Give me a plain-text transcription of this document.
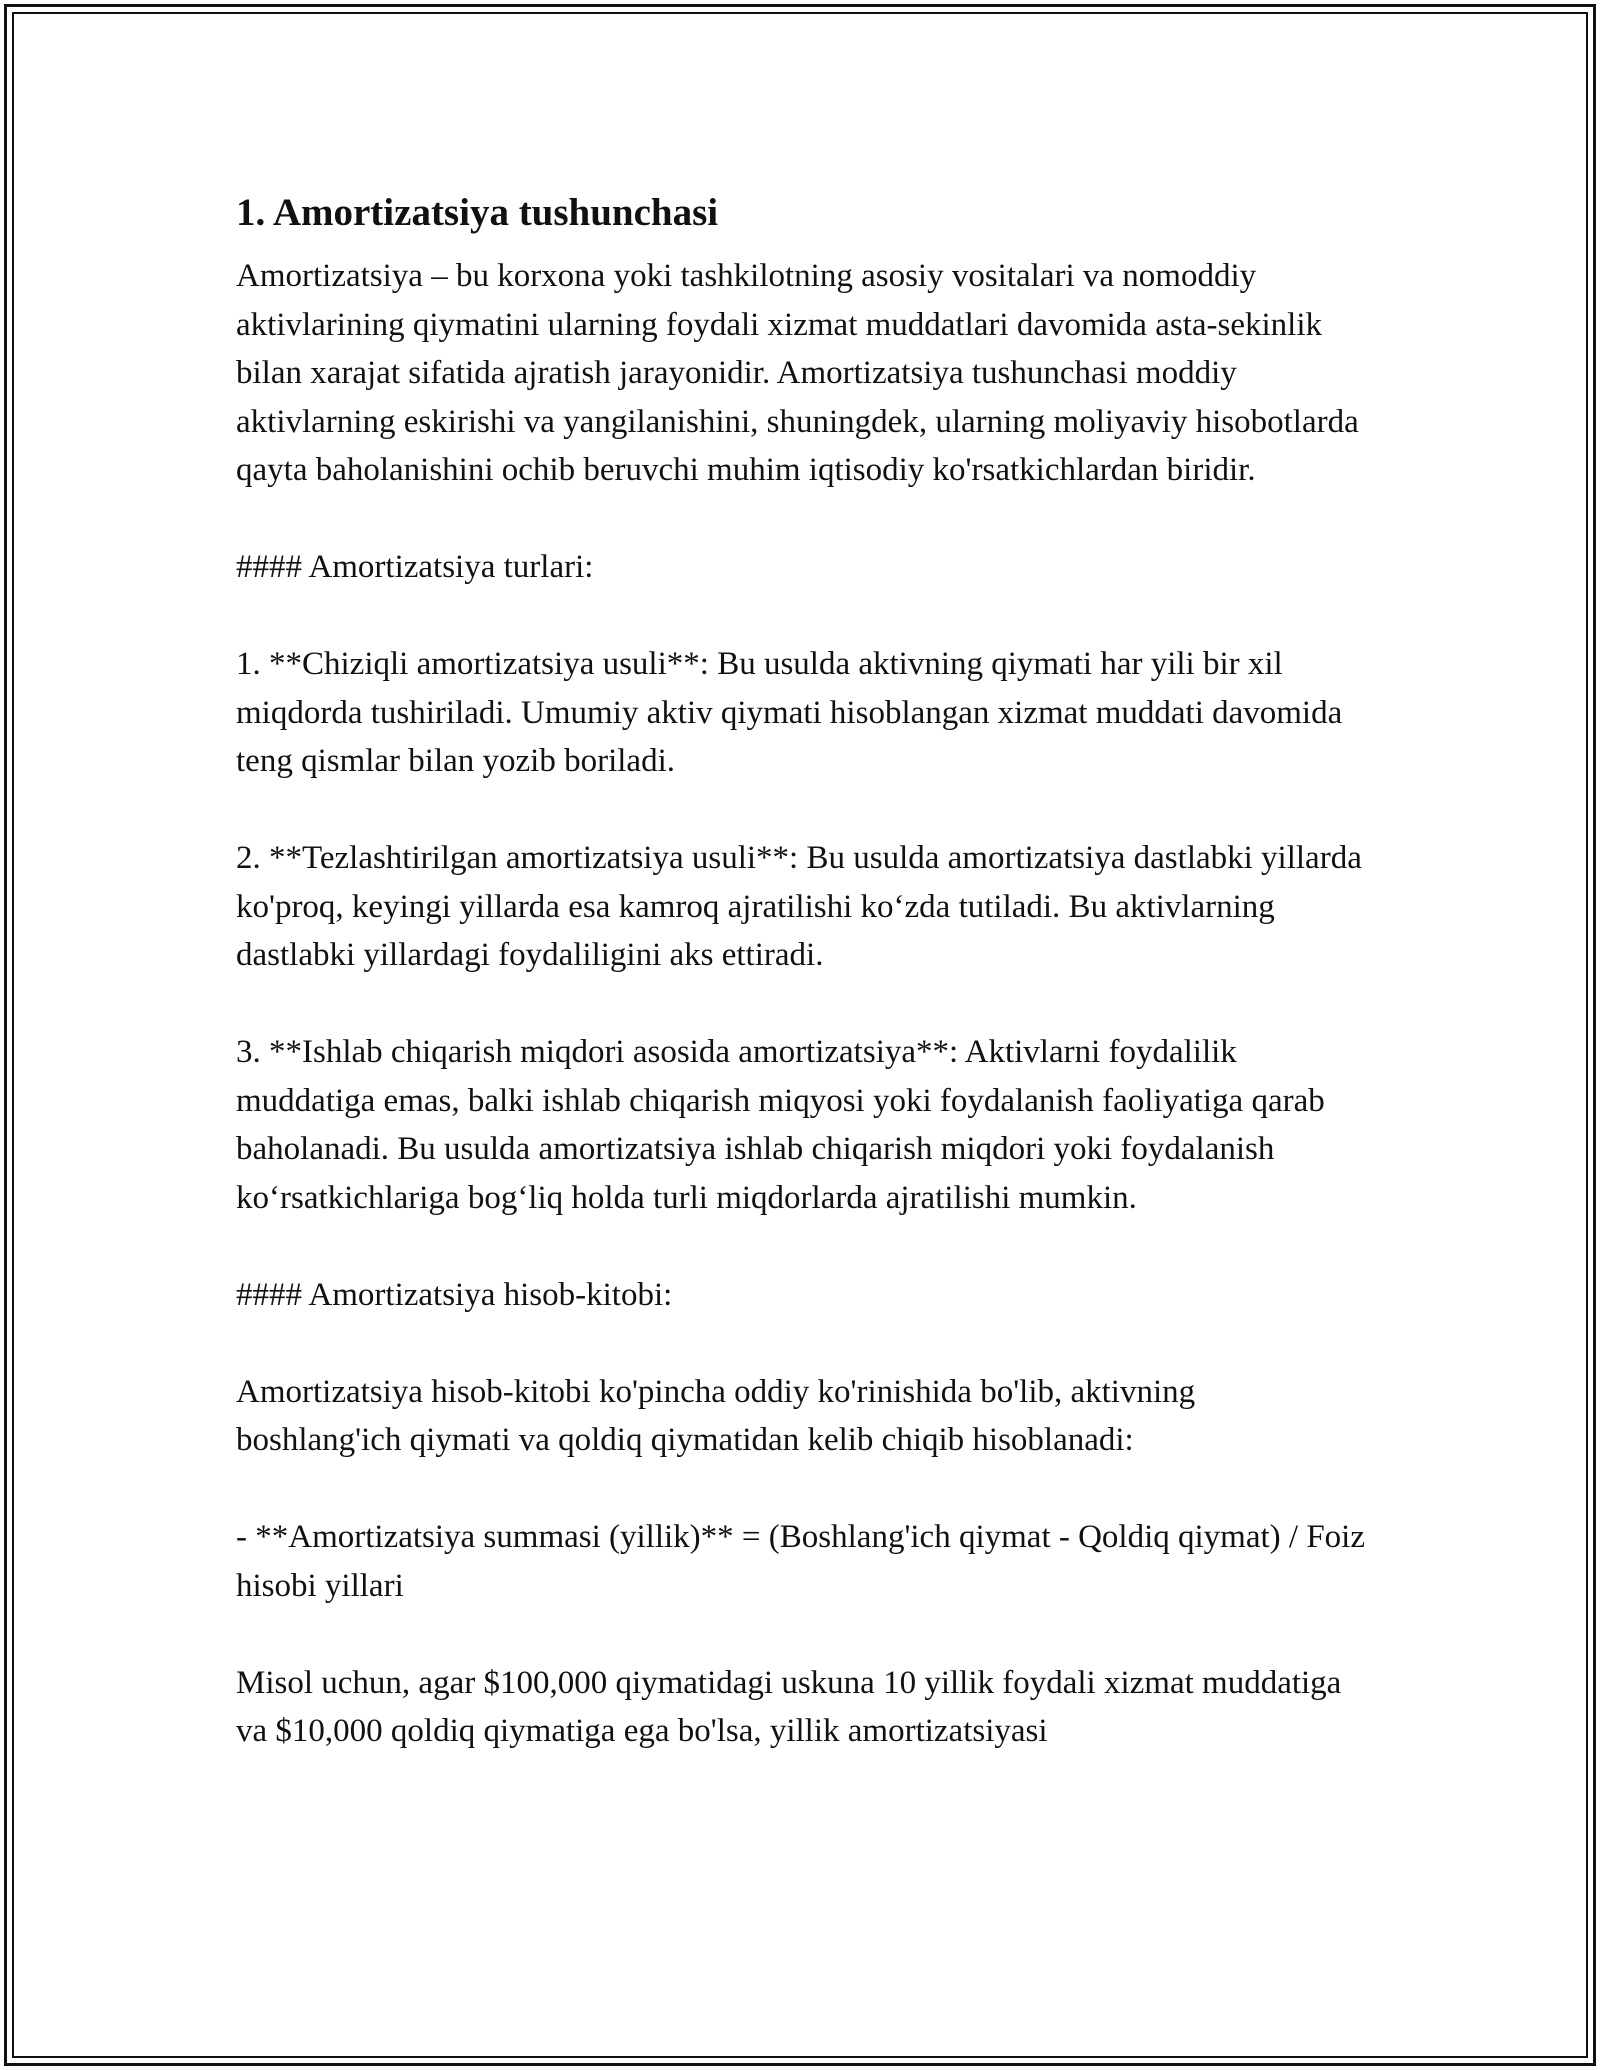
1. Amortizatsiya tushunchasi

Amortizatsiya – bu korxona yoki tashkilotning asosiy vositalari va nomoddiy aktivlarining qiymatini ularning foydali xizmat muddatlari davomida asta-sekinlik bilan xarajat sifatida ajratish jarayonidir. Amortizatsiya tushunchasi moddiy aktivlarning eskirishi va yangilanishini, shuningdek, ularning moliyaviy hisobotlarda qayta baholanishini ochib beruvchi muhim iqtisodiy ko'rsatkichlardan biridir.

#### Amortizatsiya turlari:

1. **Chiziqli amortizatsiya usuli**: Bu usulda aktivning qiymati har yili bir xil miqdorda tushiriladi. Umumiy aktiv qiymati hisoblangan xizmat muddati davomida teng qismlar bilan yozib boriladi.

2. **Tezlashtirilgan amortizatsiya usuli**: Bu usulda amortizatsiya dastlabki yillarda ko'proq, keyingi yillarda esa kamroq ajratilishi ko‘zda tutiladi. Bu aktivlarning dastlabki yillardagi foydaliligini aks ettiradi.

3. **Ishlab chiqarish miqdori asosida amortizatsiya**: Aktivlarni foydalilik muddatiga emas, balki ishlab chiqarish miqyosi yoki foydalanish faoliyatiga qarab baholanadi. Bu usulda amortizatsiya ishlab chiqarish miqdori yoki foydalanish ko‘rsatkichlariga bog‘liq holda turli miqdorlarda ajratilishi mumkin.

#### Amortizatsiya hisob-kitobi:

Amortizatsiya hisob-kitobi ko'pincha oddiy ko'rinishida bo'lib, aktivning boshlang'ich qiymati va qoldiq qiymatidan kelib chiqib hisoblanadi:

- **Amortizatsiya summasi (yillik)** = (Boshlang'ich qiymat - Qoldiq qiymat) / Foiz hisobi yillari

Misol uchun, agar $100,000 qiymatidagi uskuna 10 yillik foydali xizmat muddatiga va $10,000 qoldiq qiymatiga ega bo'lsa, yillik amortizatsiyasi
